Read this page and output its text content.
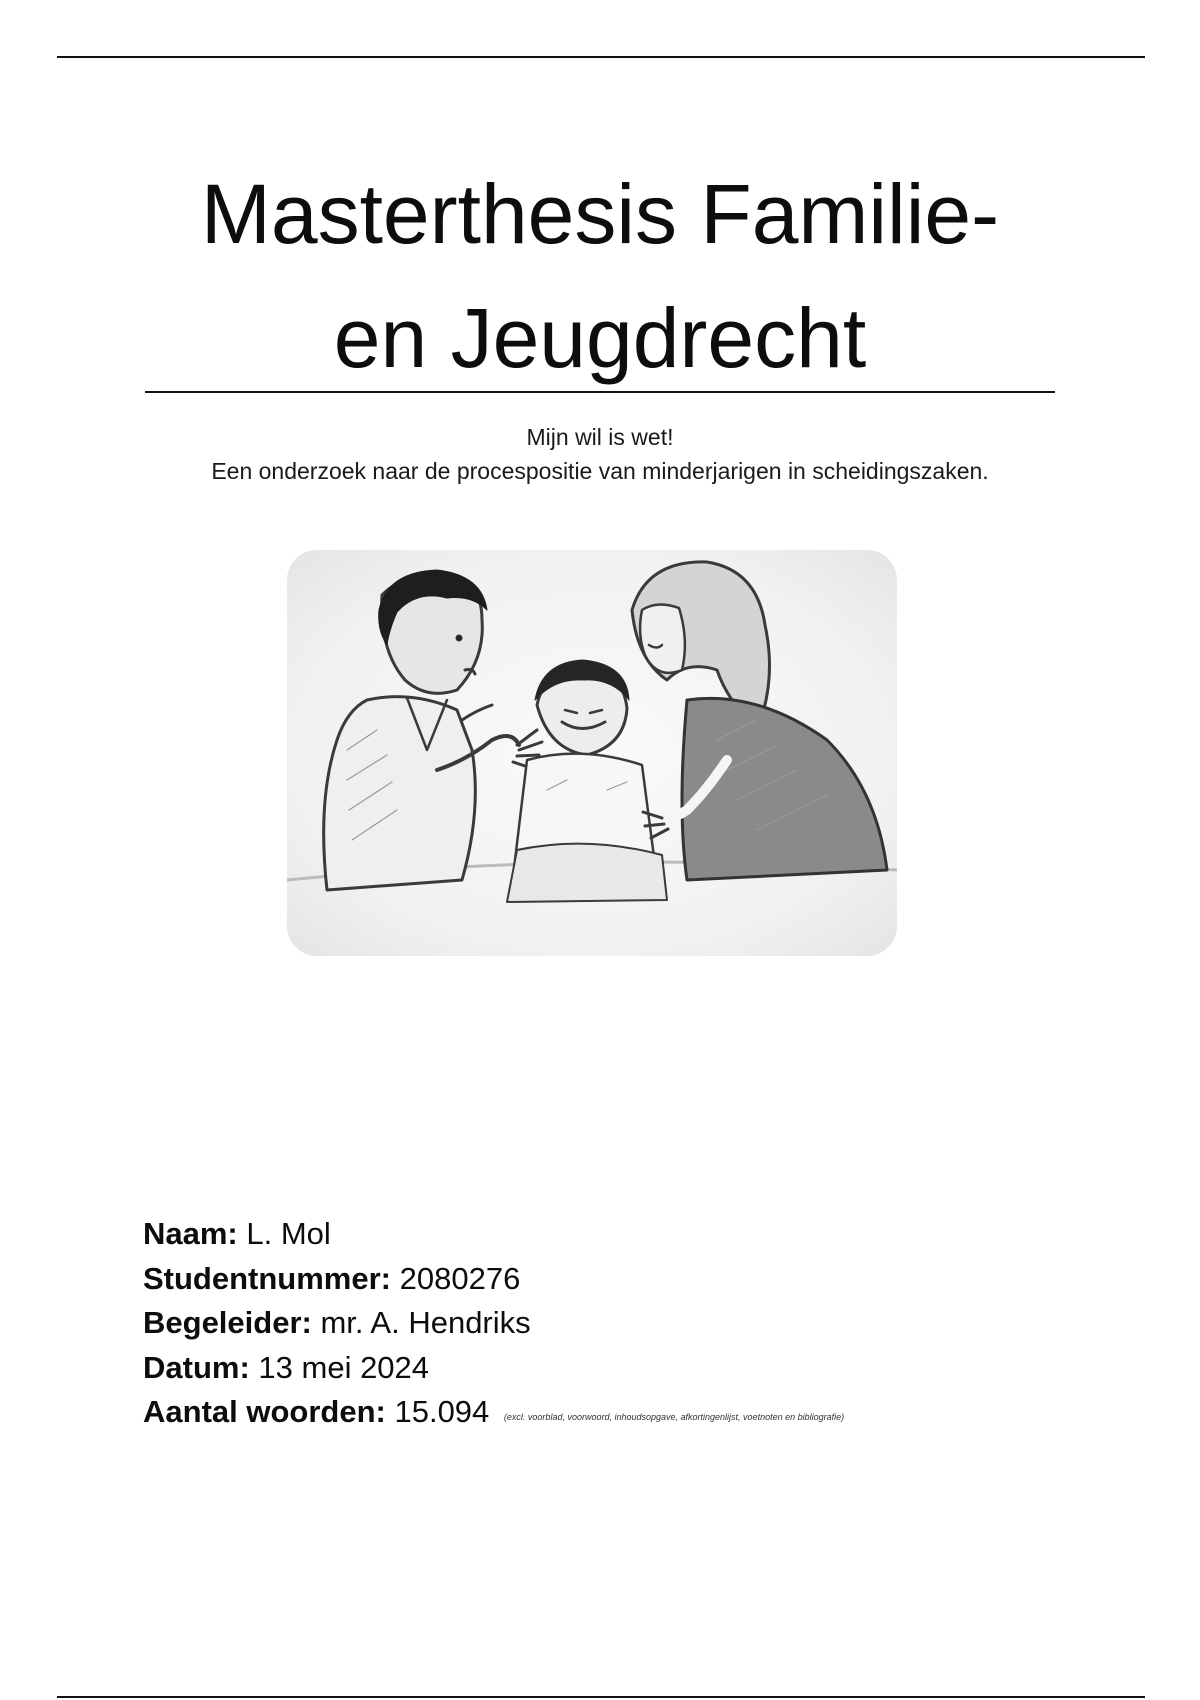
Masterthesis Familie-
en Jeugdrecht
Mijn wil is wet!
Een onderzoek naar de procespositie van minderjarigen in scheidingszaken.
Naam: L. Mol
Studentnummer: 2080276
Begeleider: mr. A. Hendriks
Datum: 13 mei 2024
Aantal woorden: 15.094 (excl. voorblad, voorwoord, inhoudsopgave, afkortingenlijst, voetnoten en bibliografie)
